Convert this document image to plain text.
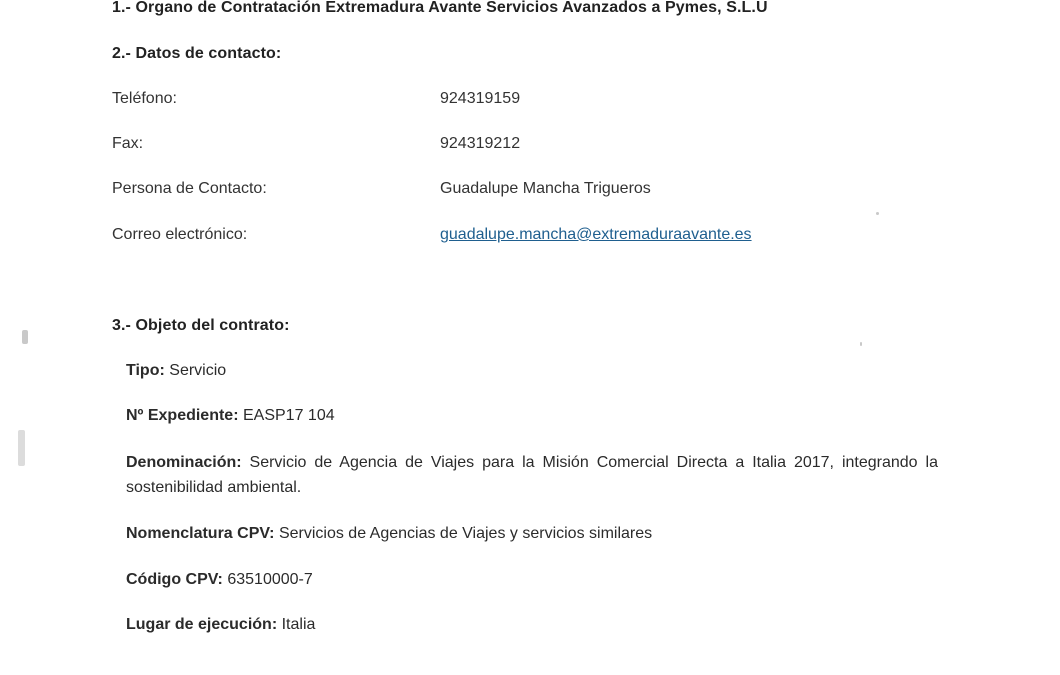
1.- Órgano de Contratación Extremadura Avante Servicios Avanzados a Pymes, S.L.U
2.- Datos de contacto:
Teléfono:	924319159
Fax:	924319212
Persona de Contacto:	Guadalupe Mancha Trigueros
Correo electrónico:	guadalupe.mancha@extremaduraavante.es
3.- Objeto del contrato:
Tipo: Servicio
Nº Expediente: EASP17 104
Denominación: Servicio de Agencia de Viajes para la Misión Comercial Directa a Italia 2017, integrando la sostenibilidad ambiental.
Nomenclatura CPV: Servicios de Agencias de Viajes y servicios similares
Código CPV: 63510000-7
Lugar de ejecución: Italia
